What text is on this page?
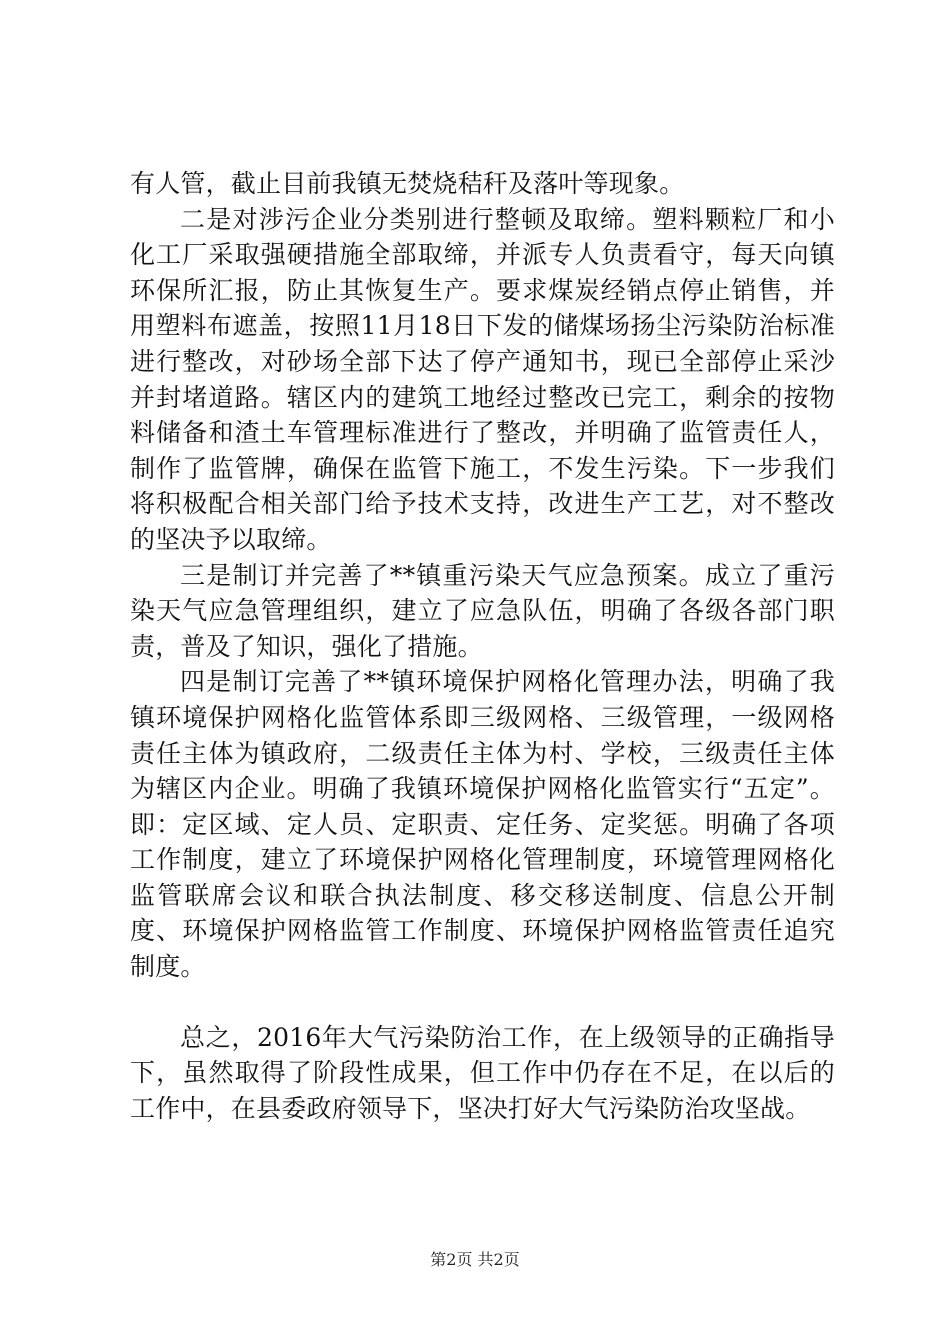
有人管，截止目前我镇无焚烧秸秆及落叶等现象。

二是对涉污企业分类别进行整顿及取缔。塑料颗粒厂和小化工厂采取强硬措施全部取缔，并派专人负责看守，每天向镇环保所汇报，防止其恢复生产。要求煤炭经销点停止销售，并用塑料布遮盖，按照11月18日下发的储煤场扬尘污染防治标准进行整改，对砂场全部下达了停产通知书，现已全部停止采沙并封堵道路。辖区内的建筑工地经过整改已完工，剩余的按物料储备和渣土车管理标准进行了整改，并明确了监管责任人，制作了监管牌，确保在监管下施工，不发生污染。下一步我们将积极配合相关部门给予技术支持，改进生产工艺，对不整改的坚决予以取缔。

三是制订并完善了**镇重污染天气应急预案。成立了重污染天气应急管理组织，建立了应急队伍，明确了各级各部门职责，普及了知识，强化了措施。

四是制订完善了**镇环境保护网格化管理办法，明确了我镇环境保护网格化监管体系即三级网格、三级管理，一级网格责任主体为镇政府，二级责任主体为村、学校，三级责任主体为辖区内企业。明确了我镇环境保护网格化监管实行“五定”。即：定区域、定人员、定职责、定任务、定奖惩。明确了各项工作制度，建立了环境保护网格化管理制度，环境管理网格化监管联席会议和联合执法制度、移交移送制度、信息公开制度、环境保护网格监管工作制度、环境保护网格监管责任追究制度。

总之，2016年大气污染防治工作，在上级领导的正确指导下，虽然取得了阶段性成果，但工作中仍存在不足，在以后的工作中，在县委政府领导下，坚决打好大气污染防治攻坚战。

第2页 共2页
